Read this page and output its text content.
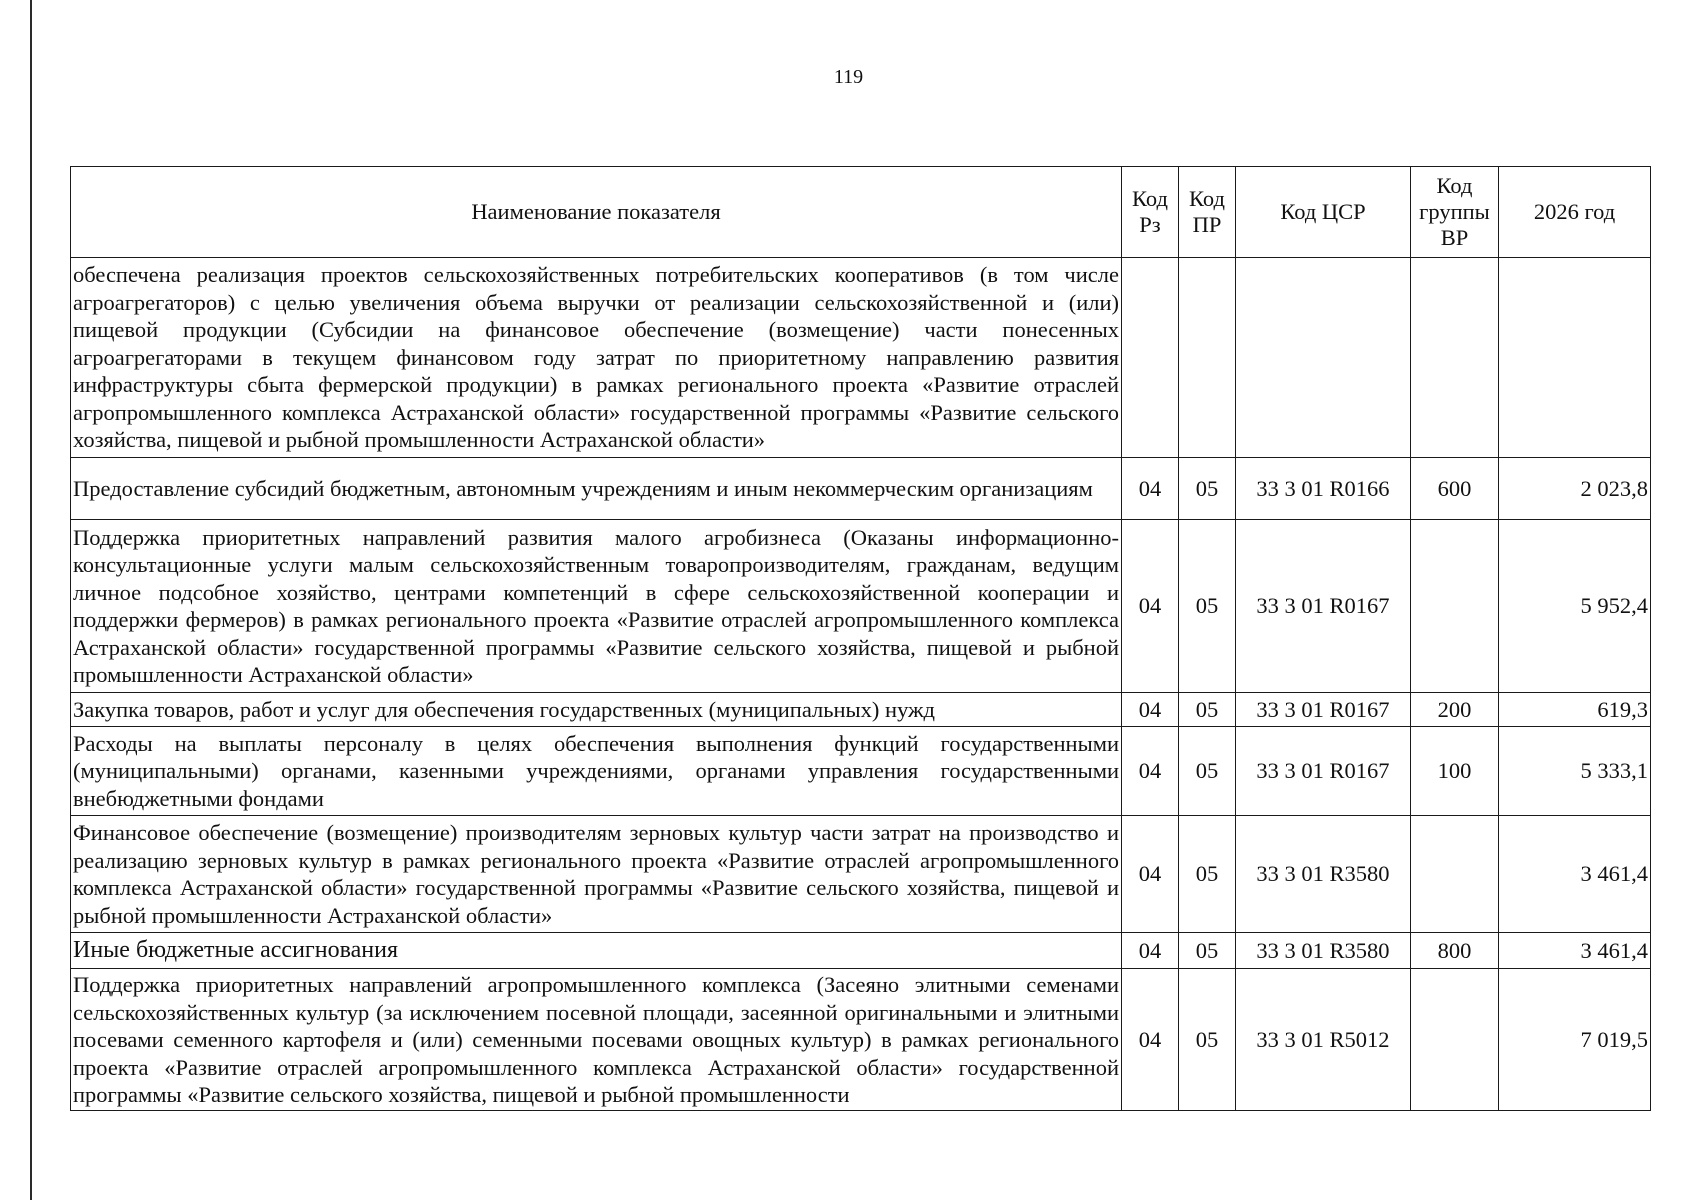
119
Наименование показателя	Код Рз	Код ПР	Код ЦСР	Код группы ВР	2026 год
обеспечена реализация проектов сельскохозяйственных потребительских кооперативов (в том числе агроагрегаторов) с целью увеличения объема выручки от реализации сельскохозяйственной и (или) пищевой продукции (Субсидии на финансовое обеспечение (возмещение) части понесенных агроагрегаторами в текущем финансовом году затрат по приоритетному направлению развития инфраструктуры сбыта фермерской продукции) в рамках регионального проекта «Развитие отраслей агропромышленного комплекса Астраханской области» государственной программы «Развитие сельского хозяйства, пищевой и рыбной промышленности Астраханской области»					
Предоставление субсидий бюджетным, автономным учреждениям и иным некоммерческим организациям	04	05	33 3 01 R0166	600	2 023,8
Поддержка приоритетных направлений развития малого агробизнеса (Оказаны информационно-консультационные услуги малым сельскохозяйственным товаропроизводителям, гражданам, ведущим личное подсобное хозяйство, центрами компетенций в сфере сельскохозяйственной кооперации и поддержки фермеров) в рамках регионального проекта «Развитие отраслей агропромышленного комплекса Астраханской области» государственной программы «Развитие сельского хозяйства, пищевой и рыбной промышленности Астраханской области»	04	05	33 3 01 R0167		5 952,4
Закупка товаров, работ и услуг для обеспечения государственных (муниципальных) нужд	04	05	33 3 01 R0167	200	619,3
Расходы на выплаты персоналу в целях обеспечения выполнения функций государственными (муниципальными) органами, казенными учреждениями, органами управления государственными внебюджетными фондами	04	05	33 3 01 R0167	100	5 333,1
Финансовое обеспечение (возмещение) производителям зерновых культур части затрат на производство и реализацию зерновых культур в рамках регионального проекта «Развитие отраслей агропромышленного комплекса Астраханской области» государственной программы «Развитие сельского хозяйства, пищевой и рыбной промышленности Астраханской области»	04	05	33 3 01 R3580		3 461,4
Иные бюджетные ассигнования	04	05	33 3 01 R3580	800	3 461,4

Поддержка приоритетных направлений агропромышленного комплекса (Засеяно элитными семенами сельскохозяйственных культур (за исключением посевной площади, засеянной оригинальными и элитными посевами семенного картофеля и (или) семенными посевами овощных культур) в рамках регионального проекта «Развитие отраслей агропромышленного комплекса Астраханской области» государственной программы «Развитие сельского хозяйства, пищевой и рыбной промышленности	04	05	33 3 01 R5012		7 019,5
